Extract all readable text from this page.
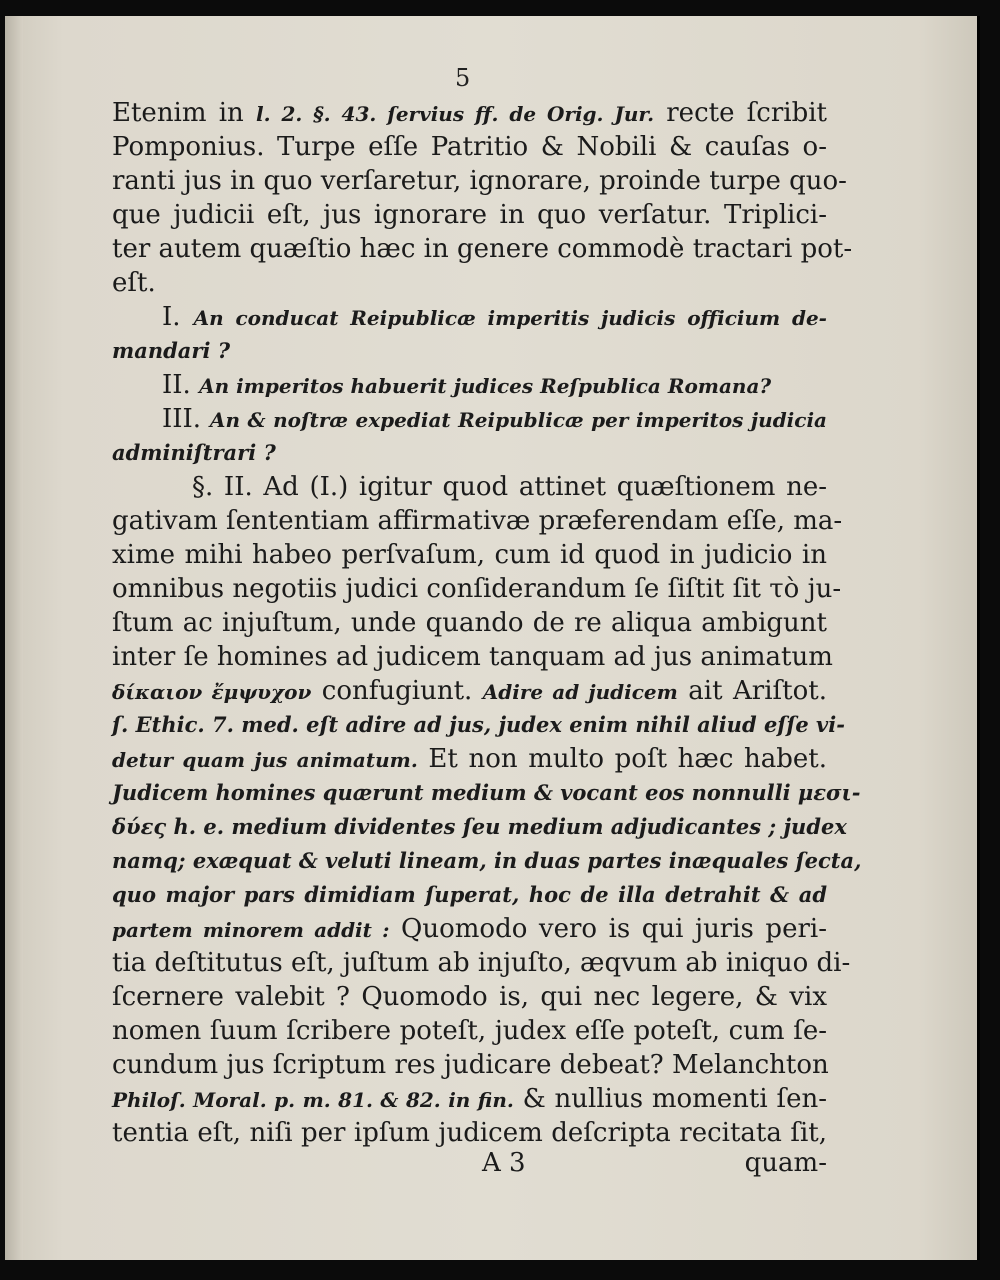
5
Etenim in l. 2. §. 43. ſervius ff. de Orig. Jur. recte ſcribit
Pomponius. Turpe eſſe Patritio & Nobili & cauſas o-
ranti jus in quo verſaretur, ignorare, proinde turpe quo-
que judicii eſt, jus ignorare in quo verſatur. Triplici-
ter autem quæſtio hæc in genere commodè tractari pot-
eſt.
I. An conducat Reipublicæ imperitis judicis officium de-
mandari ?
II. An imperitos habuerit judices Reſpublica Romana?
III. An & noſtræ expediat Reipublicæ per imperitos judicia
adminiſtrari ?
§. II. Ad (I.) igitur quod attinet quæſtionem ne-
gativam ſententiam affirmativæ præferendam eſſe, ma-
xime mihi habeo perſvaſum, cum id quod in judicio in
omnibus negotiis judici conſiderandum ſe ſiſtit ſit τὸ ju-
ſtum ac injuſtum, unde quando de re aliqua ambigunt
inter ſe homines ad judicem tanquam ad jus animatum
δίκαιον ἔμψυχον confugiunt. Adire ad judicem ait Ariſtot.
ſ. Ethic. 7. med. eſt adire ad jus, judex enim nihil aliud eſſe vi-
detur quam jus animatum. Et non multo poſt hæc habet.
Judicem homines quærunt medium & vocant eos nonnulli μεσι-
δύες h. e. medium dividentes ſeu medium adjudicantes ; judex
namq; exæquat & veluti lineam, in duas partes inæquales ſecta,
quo major pars dimidiam ſuperat, hoc de illa detrahit & ad
partem minorem addit : Quomodo vero is qui juris peri-
tia deſtitutus eſt, juſtum ab injuſto, æqvum ab iniquo di-
ſcernere valebit ? Quomodo is, qui nec legere, & vix
nomen ſuum ſcribere poteſt, judex eſſe poteſt, cum ſe-
cundum jus ſcriptum res judicare debeat? Melanchton
Philoſ. Moral. p. m. 81. & 82. in fin. & nullius momenti ſen-
tentia eſt, niſi per ipſum judicem deſcripta recitata ſit,
A 3	quam-
